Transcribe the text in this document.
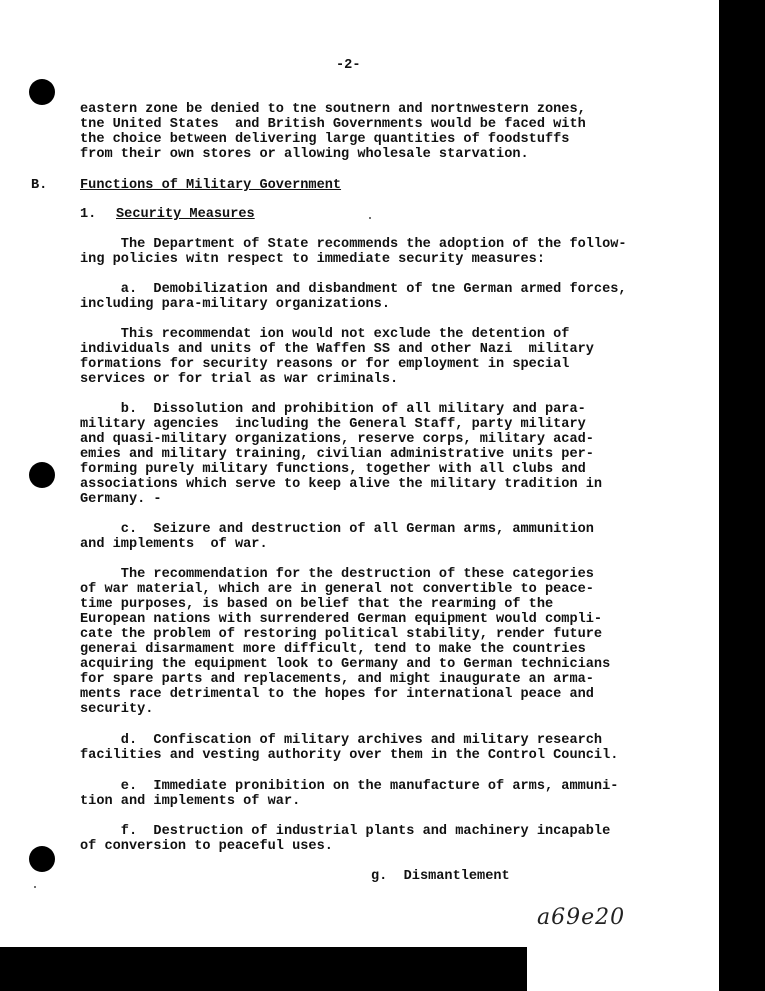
-2-

eastern zone be denied to tne soutnern and nortnwestern zones,

tne United States  and British Governments would be faced with

the choice between delivering large quantities of foodstuffs

from their own stores or allowing wholesale starvation.

B. Functions of Military Government

1. Security Measures

The Department of State recommends the adoption of the follow-

ing policies witn respect to immediate security measures:

a.  Demobilization and disbandment of tne German armed forces,

including para-military organizations.

This recommendat ion would not exclude the detention of

individuals and units of the Waffen SS and other Nazi  military

formations for security reasons or for employment in special

services or for trial as war criminals.

b.  Dissolution and prohibition of all military and para-

military agencies  including the General Staff, party military

and quasi-military organizations, reserve corps, military acad-

emies and military training, civilian administrative units per-

forming purely military functions, together with all clubs and

associations which serve to keep alive the military tradition in

Germany. -

c.  Seizure and destruction of all German arms, ammunition

and implements  of war.

The recommendation for the destruction of these categories

of war material, which are in general not convertible to peace-

time purposes, is based on belief that the rearming of the

European nations with surrendered German equipment would compli-

cate the problem of restoring political stability, render future

generai disarmament more difficult, tend to make the countries

acquiring the equipment look to Germany and to German technicians

for spare parts and replacements, and might inaugurate an arma-

ments race detrimental to the hopes for international peace and

security.

d.  Confiscation of military archives and military research

facilities and vesting authority over them in the Control Council.

e.  Immediate pronibition on the manufacture of arms, ammuni-

tion and implements of war.

f.  Destruction of industrial plants and machinery incapable

of conversion to peaceful uses.

g.  Dismantlement

a69e20
